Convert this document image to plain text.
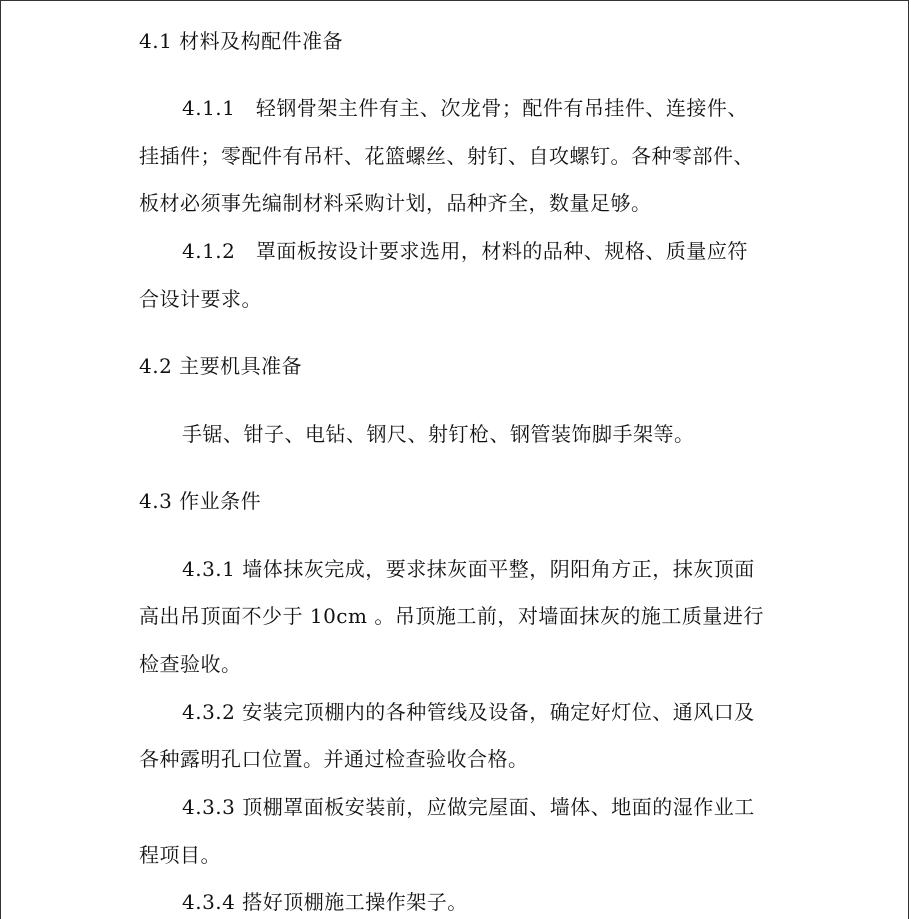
4.1 材料及构配件准备
4.1.1　轻钢骨架主件有主、次龙骨；配件有吊挂件、连接件、
挂插件；零配件有吊杆、花篮螺丝、射钉、自攻螺钉。各种零部件、
板材必须事先编制材料采购计划，品种齐全，数量足够。
4.1.2　罩面板按设计要求选用，材料的品种、规格、质量应符
合设计要求。
4.2 主要机具准备
手锯、钳子、电钻、钢尺、射钉枪、钢管装饰脚手架等。
4.3 作业条件
4.3.1 墙体抹灰完成，要求抹灰面平整，阴阳角方正，抹灰顶面
高出吊顶面不少于 10cm 。吊顶施工前，对墙面抹灰的施工质量进行
检查验收。
4.3.2 安装完顶棚内的各种管线及设备，确定好灯位、通风口及
各种露明孔口位置。并通过检查验收合格。
4.3.3 顶棚罩面板安装前，应做完屋面、墙体、地面的湿作业工
程项目。
4.3.4 搭好顶棚施工操作架子。
